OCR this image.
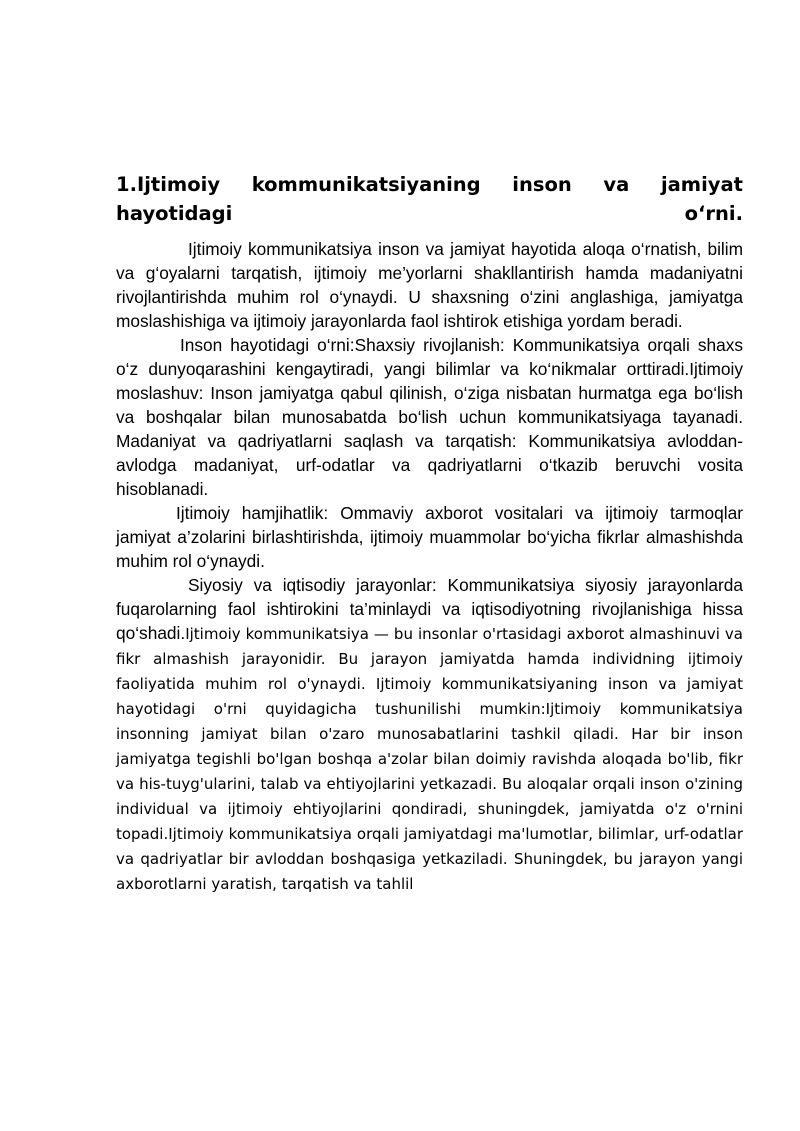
1.Ijtimoiy kommunikatsiyaning inson va jamiyat
hayotidagi o‘rni.

Ijtimoiy kommunikatsiya inson va jamiyat hayotida aloqa o‘rnatish, bilim va g‘oyalarni tarqatish, ijtimoiy me’yorlarni shakllantirish hamda madaniyatni rivojlantirishda muhim rol o‘ynaydi. U shaxsning o‘zini anglashiga, jamiyatga moslashishiga va ijtimoiy jarayonlarda faol ishtirok etishiga yordam beradi.

Inson hayotidagi o‘rni:Shaxsiy rivojlanish: Kommunikatsiya orqali shaxs o‘z dunyoqarashini kengaytiradi, yangi bilimlar va ko‘nikmalar orttiradi.Ijtimoiy moslashuv: Inson jamiyatga qabul qilinish, o‘ziga nisbatan hurmatga ega bo‘lish va boshqalar bilan munosabatda bo‘lish uchun kommunikatsiyaga tayanadi. Madaniyat va qadriyatlarni saqlash va tarqatish: Kommunikatsiya avloddan-avlodga madaniyat, urf-odatlar va qadriyatlarni o‘tkazib beruvchi vosita hisoblanadi.

Ijtimoiy hamjihatlik: Ommaviy axborot vositalari va ijtimoiy tarmoqlar jamiyat a’zolarini birlashtirishda, ijtimoiy muammolar bo‘yicha fikrlar almashishda muhim rol o‘ynaydi.

Siyosiy va iqtisodiy jarayonlar: Kommunikatsiya siyosiy jarayonlarda fuqarolarning faol ishtirokini ta’minlaydi va iqtisodiyotning rivojlanishiga hissa qo‘shadi.Ijtimoiy kommunikatsiya — bu insonlar o'rtasidagi axborot almashinuvi va fikr almashish jarayonidir. Bu jarayon jamiyatda hamda individning ijtimoiy faoliyatida muhim rol o'ynaydi. Ijtimoiy kommunikatsiyaning inson va jamiyat hayotidagi o'rni quyidagicha tushunilishi mumkin:Ijtimoiy kommunikatsiya insonning jamiyat bilan o'zaro munosabatlarini tashkil qiladi. Har bir inson jamiyatga tegishli bo'lgan boshqa a'zolar bilan doimiy ravishda aloqada bo'lib, fikr va his-tuyg'ularini, talab va ehtiyojlarini yetkazadi. Bu aloqalar orqali inson o'zining individual va ijtimoiy ehtiyojlarini qondiradi, shuningdek, jamiyatda o'z o'rnini topadi.Ijtimoiy kommunikatsiya orqali jamiyatdagi ma'lumotlar, bilimlar, urf-odatlar va qadriyatlar bir avloddan boshqasiga yetkaziladi. Shuningdek, bu jarayon yangi axborotlarni yaratish, tarqatish va tahlil
